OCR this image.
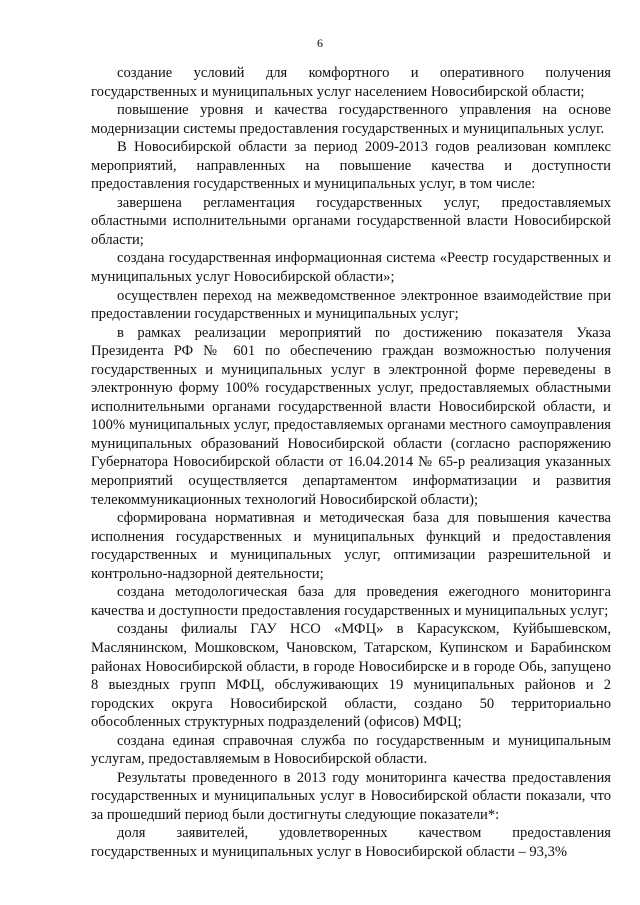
6

создание условий для комфортного и оперативного получения государственных и муниципальных услуг населением Новосибирской области;

повышение уровня и качества государственного управления на основе модернизации системы предоставления государственных и муниципальных услуг.

В Новосибирской области за период 2009-2013 годов реализован комплекс мероприятий, направленных на повышение качества и доступности предоставления государственных и муниципальных услуг, в том числе:

завершена регламентация государственных услуг, предоставляемых областными исполнительными органами государственной власти Новосибирской области;

создана государственная информационная система «Реестр государственных и муниципальных услуг Новосибирской области»;

осуществлен переход на межведомственное электронное взаимодействие при предоставлении государственных и муниципальных услуг;

в рамках реализации мероприятий по достижению показателя Указа Президента РФ № 601 по обеспечению граждан возможностью получения государственных и муниципальных услуг в электронной форме переведены в электронную форму 100% государственных услуг, предоставляемых областными исполнительными органами государственной власти Новосибирской области, и 100% муниципальных услуг, предоставляемых органами местного самоуправления муниципальных образований Новосибирской области (согласно распоряжению Губернатора Новосибирской области от 16.04.2014 № 65-р реализация указанных мероприятий осуществляется департаментом информатизации и развития телекоммуникационных технологий Новосибирской области);

сформирована нормативная и методическая база для повышения качества исполнения государственных и муниципальных функций и предоставления государственных и муниципальных услуг, оптимизации разрешительной и контрольно-надзорной деятельности;

создана методологическая база для проведения ежегодного мониторинга качества и доступности предоставления государственных и муниципальных услуг;

созданы филиалы ГАУ НСО «МФЦ» в Карасукском, Куйбышевском, Маслянинском, Мошковском, Чановском, Татарском, Купинском и Барабинском районах Новосибирской области, в городе Новосибирске и в городе Обь, запущено 8 выездных групп МФЦ, обслуживающих 19 муниципальных районов и 2 городских округа Новосибирской области, создано 50 территориально обособленных структурных подразделений (офисов) МФЦ;

создана единая справочная служба по государственным и муниципальным услугам, предоставляемым в Новосибирской области.

Результаты проведенного в 2013 году мониторинга качества предоставления государственных и муниципальных услуг в Новосибирской области показали, что за прошедший период были достигнуты следующие показатели*:

доля заявителей, удовлетворенных качеством предоставления государственных и муниципальных услуг в Новосибирской области – 93,3%
